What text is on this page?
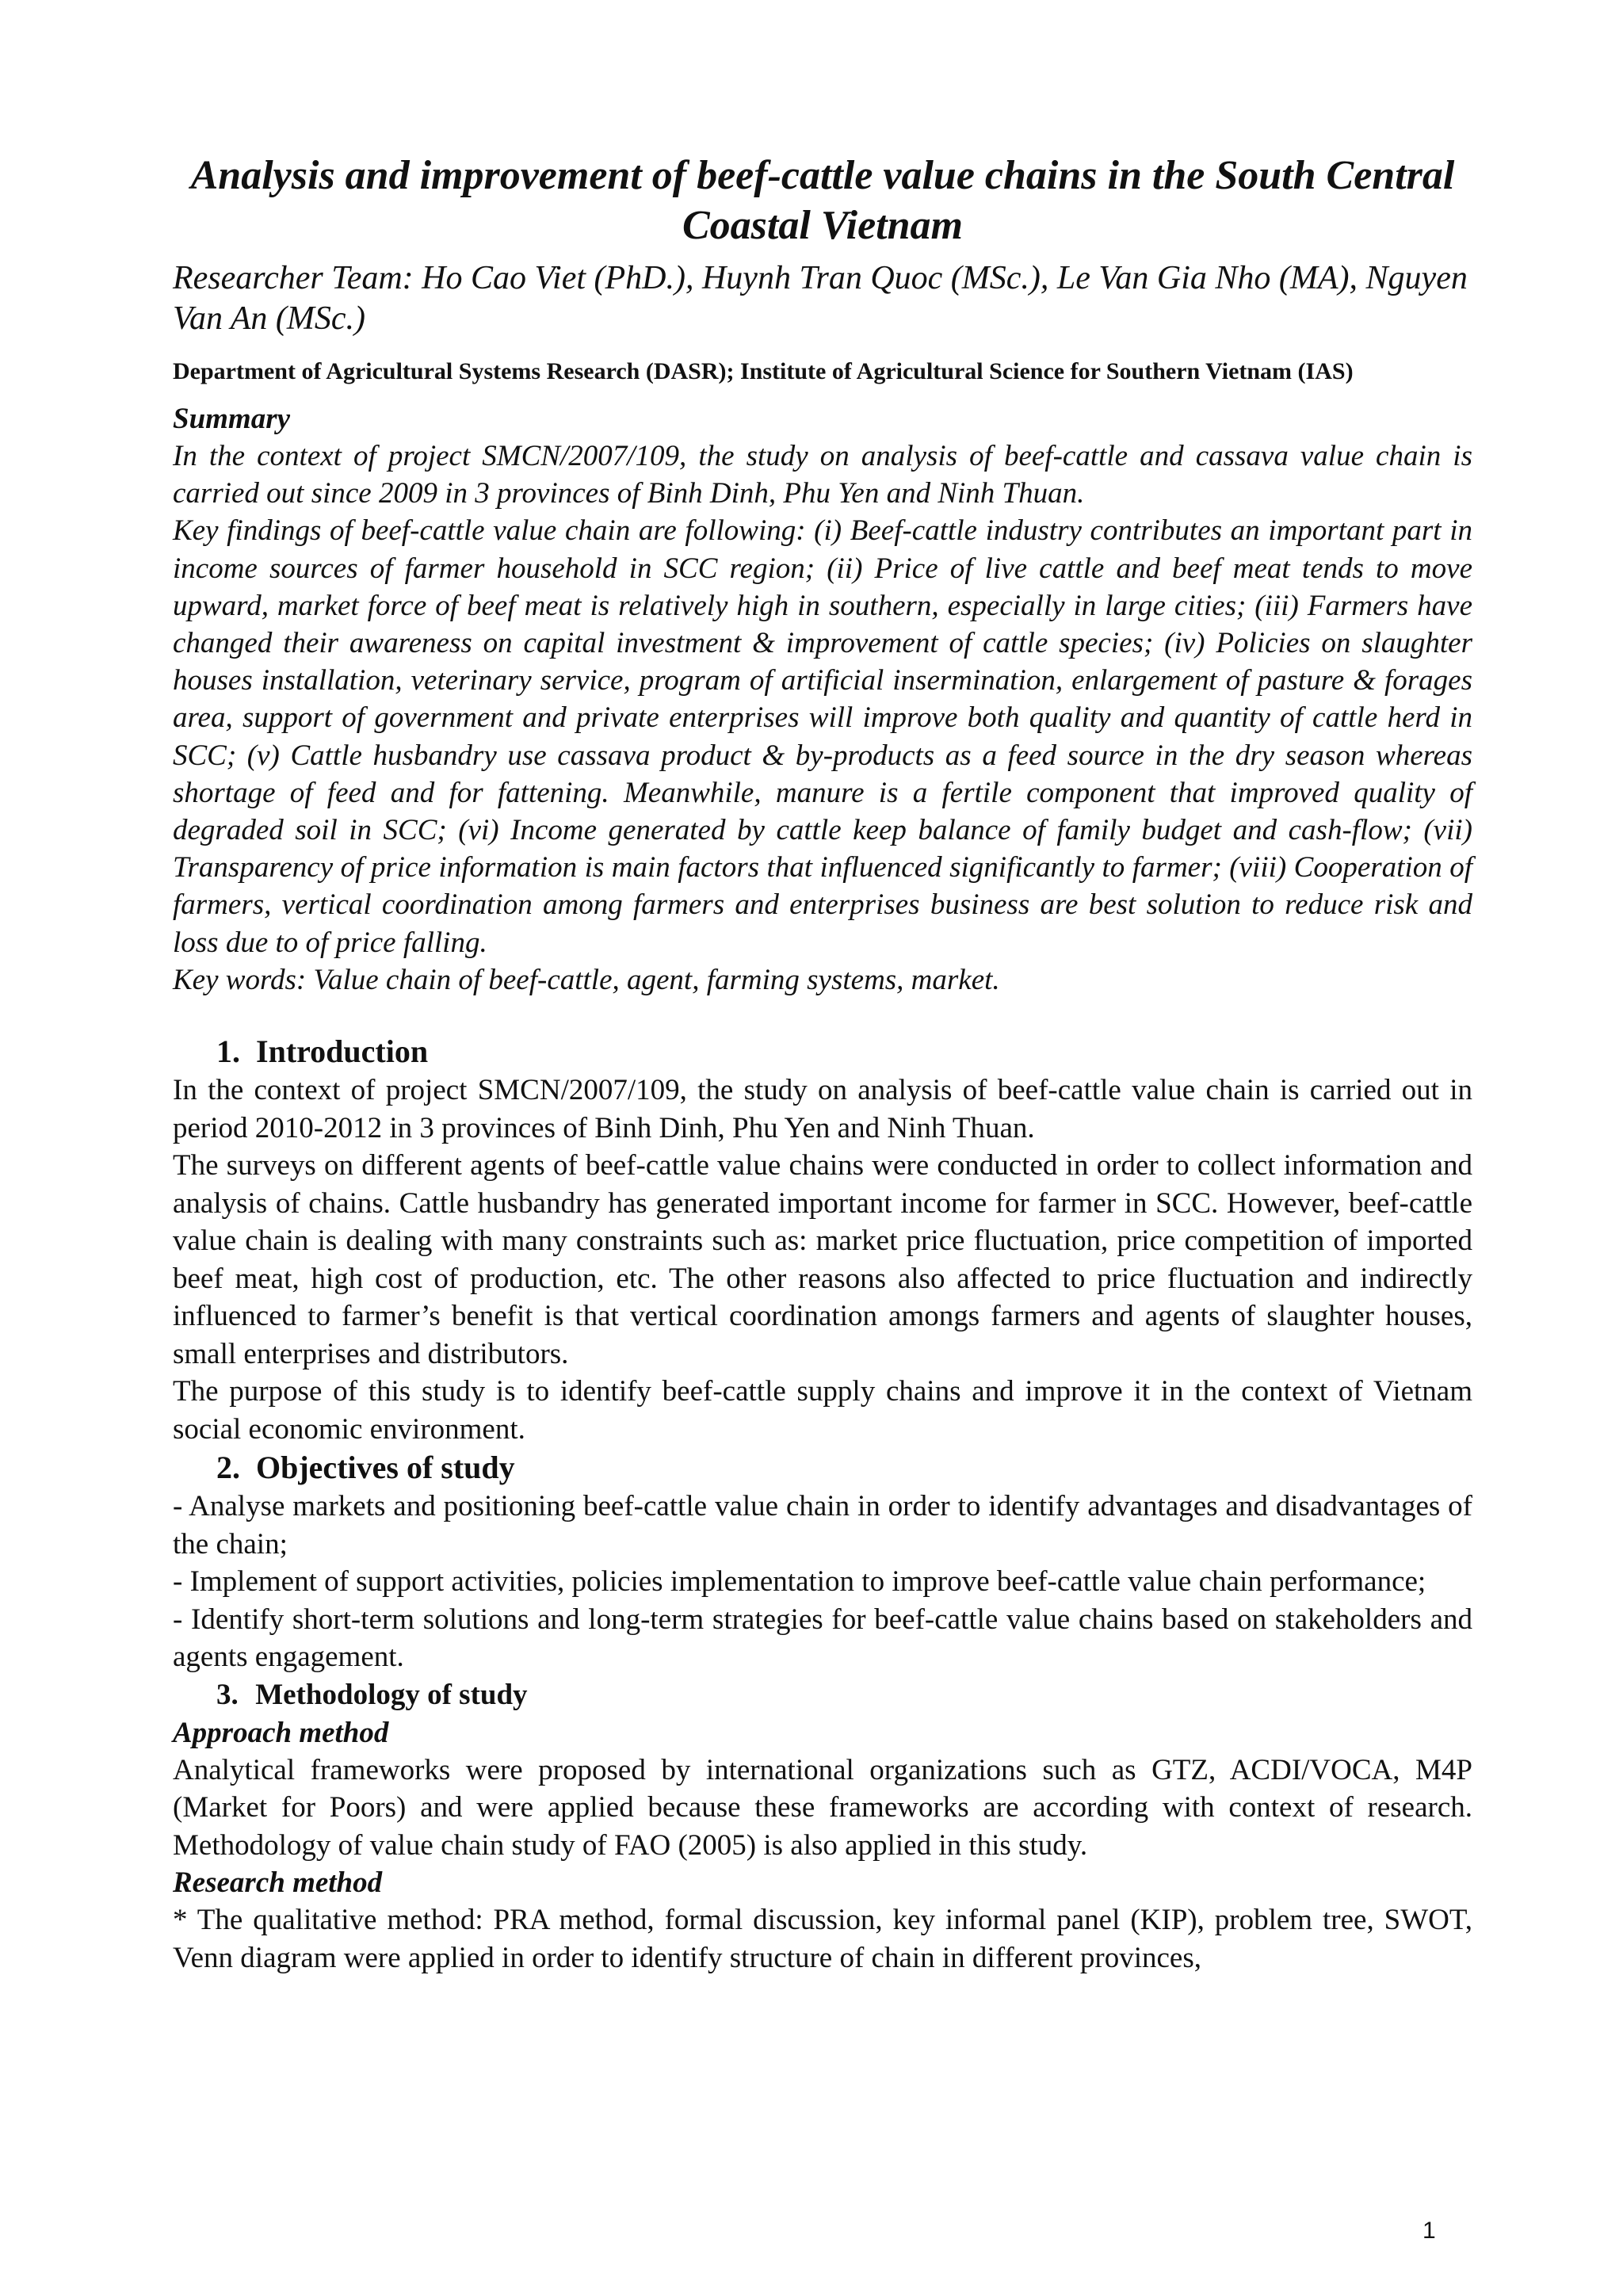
Analysis and improvement of beef-cattle value chains in the South Central Coastal Vietnam

Researcher Team: Ho Cao Viet (PhD.), Huynh Tran Quoc (MSc.), Le Van Gia Nho (MA), Nguyen Van An (MSc.)

Department of Agricultural Systems Research (DASR); Institute of Agricultural Science for Southern Vietnam (IAS)

Summary

In the context of project SMCN/2007/109, the study on analysis of beef-cattle and cassava value chain is carried out since 2009 in 3 provinces of Binh Dinh, Phu Yen and Ninh Thuan.

Key findings of beef-cattle value chain are following: (i) Beef-cattle industry contributes an important part in income sources of farmer household in SCC region; (ii) Price of live cattle and beef meat tends to move upward, market force of beef meat is relatively high in southern, especially in large cities; (iii) Farmers have changed their awareness on capital investment & improvement of cattle species; (iv) Policies on slaughter houses installation, veterinary service, program of artificial insermination, enlargement of pasture & forages area, support of government and private enterprises will improve both quality and quantity of cattle herd in SCC; (v) Cattle husbandry use cassava product & by-products as a feed source in the dry season whereas shortage of feed and for fattening. Meanwhile, manure is a fertile component that improved quality of degraded soil in SCC; (vi) Income generated by cattle keep balance of family budget and cash-flow; (vii) Transparency of price information is main factors that influenced significantly to farmer; (viii) Cooperation of farmers, vertical coordination among farmers and enterprises business are best solution to reduce risk and loss due to of price falling.

Key words: Value chain of beef-cattle, agent, farming systems, market.

1. Introduction

In the context of project SMCN/2007/109, the study on analysis of beef-cattle value chain is carried out in period 2010-2012 in 3 provinces of Binh Dinh, Phu Yen and Ninh Thuan.

The surveys on different agents of beef-cattle value chains were conducted in order to collect information and analysis of chains. Cattle husbandry has generated important income for farmer in SCC. However, beef-cattle value chain is dealing with many constraints such as: market price fluctuation, price competition of imported beef meat, high cost of production, etc. The other reasons also affected to price fluctuation and indirectly influenced to farmer’s benefit is that vertical coordination amongs farmers and agents of slaughter houses, small enterprises and distributors.

The purpose of this study is to identify beef-cattle supply chains and improve it in the context of Vietnam social economic environment.

2. Objectives of study

- Analyse markets and positioning beef-cattle value chain in order to identify advantages and disadvantages of the chain;

- Implement of support activities, policies implementation to improve beef-cattle value chain performance;

- Identify short-term solutions and long-term strategies for beef-cattle value chains based on stakeholders and agents engagement.

3. Methodology of study

Approach method

Analytical frameworks were proposed by international organizations such as GTZ, ACDI/VOCA, M4P (Market for Poors) and were applied because these frameworks are according with context of research. Methodology of value chain study of FAO (2005) is also applied in this study.

Research method

* The qualitative method: PRA method, formal discussion, key informal panel (KIP), problem tree, SWOT, Venn diagram were applied in order to identify structure of chain in different provinces,

1
